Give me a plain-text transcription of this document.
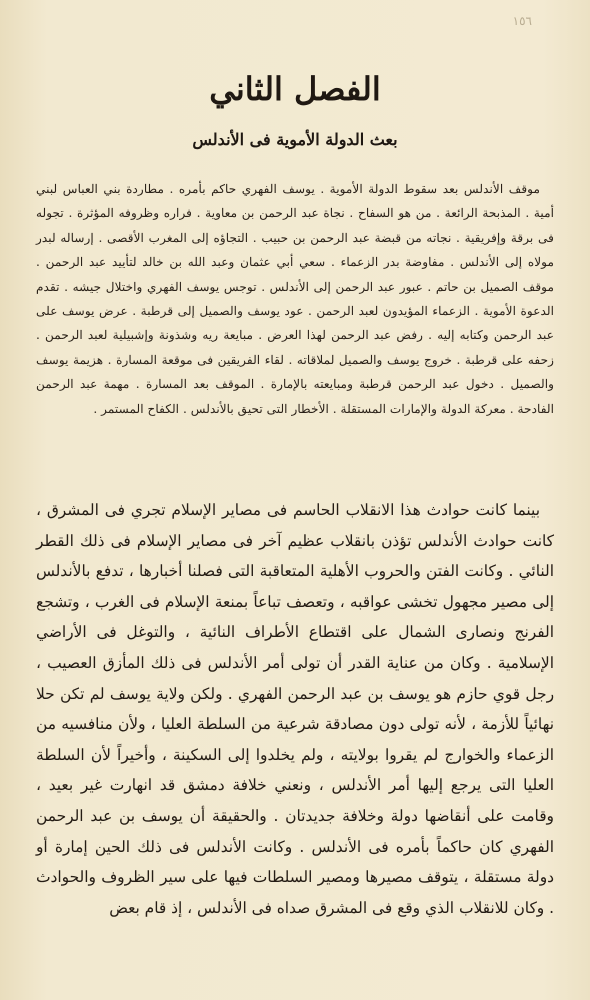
١٥٦
الفصل الثاني
بعث الدولة الأموية فى الأندلس

موقف الأندلس بعد سقوط الدولة الأموية . يوسف الفهري حاكم بأمره . مطاردة بني العباس لبني أمية . المذبحة الرائعة . من هو السفاح . نجاة عبد الرحمن بن معاوية . فراره وظروفه المؤثرة . تجوله فى برقة وإفريقية . نجاته من قبضة عبد الرحمن بن حبيب . التجاؤه إلى المغرب الأقصى . إرساله لبدر مولاه إلى الأندلس . مفاوضة بدر الزعماء . سعي أبي عثمان وعبد الله بن خالد لتأييد عبد الرحمن . موقف الصميل بن حاتم . عبور عبد الرحمن إلى الأندلس . توجس يوسف الفهري واختلال جيشه . تقدم الدعوة الأموية . الزعماء المؤيدون لعبد الرحمن . عود يوسف والصميل إلى قرطبة . عرض يوسف على عبد الرحمن وكتابه إليه . رفض عبد الرحمن لهذا العرض . مبايعة ريه وشذونة وإشبيلية لعبد الرحمن . زحفه على قرطبة . خروج يوسف والصميل لملاقاته . لقاء الفريقين فى موقعة المسارة . هزيمة يوسف والصميل . دخول عبد الرحمن قرطبة ومبايعته بالإمارة . الموقف بعد المسارة . مهمة عبد الرحمن الفادحة . معركة الدولة والإمارات المستقلة . الأخطار التى تحيق بالأندلس . الكفاح المستمر .

بينما كانت حوادث هذا الانقلاب الحاسم فى مصاير الإسلام تجري فى المشرق ، كانت حوادث الأندلس تؤذن بانقلاب عظيم آخر فى مصاير الإسلام فى ذلك القطر النائي . وكانت الفتن والحروب الأهلية المتعاقبة التى فصلنا أخبارها ، تدفع بالأندلس إلى مصير مجهول تخشى عواقبه ، وتعصف تباعاً بمنعة الإسلام فى الغرب ، وتشجع الفرنج ونصارى الشمال على اقتطاع الأطراف النائية ، والتوغل فى الأراضي الإسلامية . وكان من عناية القدر أن تولى أمر الأندلس فى ذلك المأزق العصيب ، رجل قوي حازم هو يوسف بن عبد الرحمن الفهري . ولكن ولاية يوسف لم تكن حلا نهائياً للأزمة ، لأنه تولى دون مصادقة شرعية من السلطة العليا ، ولأن منافسيه من الزعماء والخوارج لم يقروا بولايته ، ولم يخلدوا إلى السكينة ، وأخيراً لأن السلطة العليا التى يرجع إليها أمر الأندلس ، ونعني خلافة دمشق قد انهارت غير بعيد ، وقامت على أنقاضها دولة وخلافة جديدتان . والحقيقة أن يوسف بن عبد الرحمن الفهري كان حاكماً بأمره فى الأندلس . وكانت الأندلس فى ذلك الحين إمارة أو دولة مستقلة ، يتوقف مصيرها ومصير السلطات فيها على سير الظروف والحوادث . وكان للانقلاب الذي وقع فى المشرق صداه فى الأندلس ، إذ قام بعض
